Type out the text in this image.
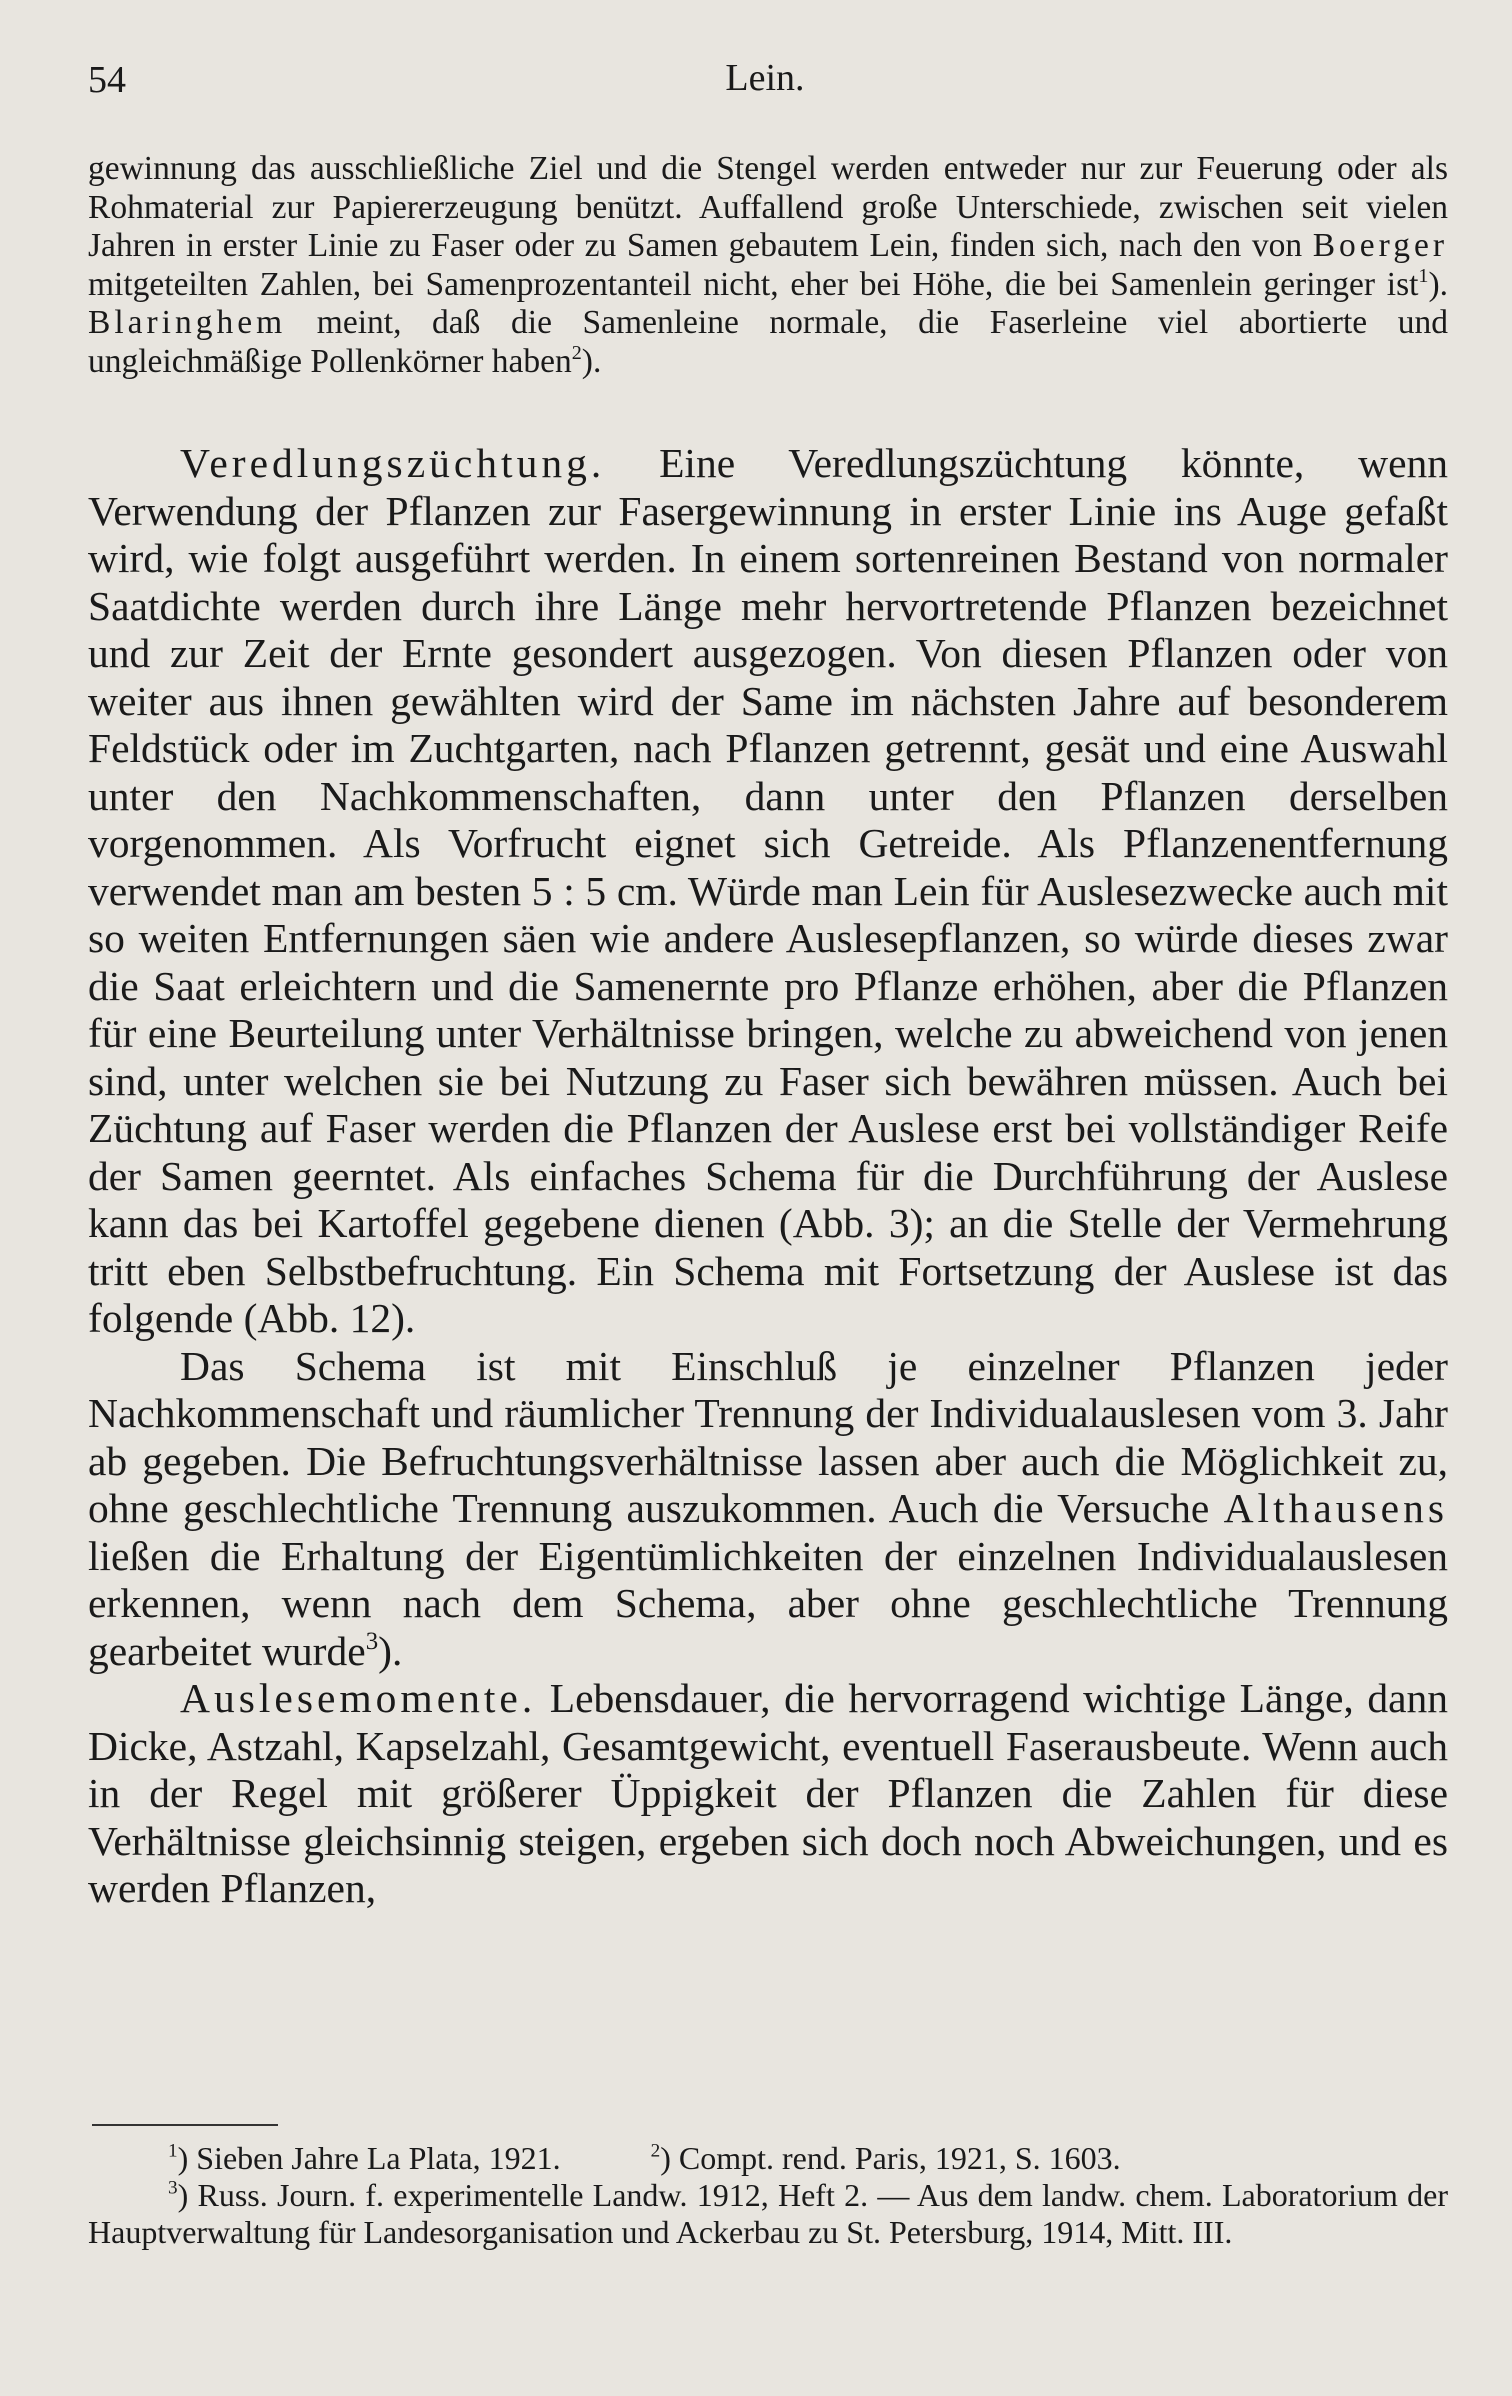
54	Lein.

gewinnung das ausschließliche Ziel und die Stengel werden entweder nur zur Feuerung oder als Rohmaterial zur Papiererzeugung benützt. Auffallend große Unterschiede, zwischen seit vielen Jahren in erster Linie zu Faser oder zu Samen gebautem Lein, finden sich, nach den von Boerger mitgeteilten Zahlen, bei Samenprozentanteil nicht, eher bei Höhe, die bei Samenlein geringer ist$^1$). Blaringhem meint, daß die Samenleine normale, die Faserleine viel abortierte und ungleichmäßige Pollenkörner haben$^2$).

Veredlungszüchtung. Eine Veredlungszüchtung könnte, wenn Verwendung der Pflanzen zur Fasergewinnung in erster Linie ins Auge gefaßt wird, wie folgt ausgeführt werden. In einem sortenreinen Bestand von normaler Saatdichte werden durch ihre Länge mehr hervortretende Pflanzen bezeichnet und zur Zeit der Ernte gesondert ausgezogen. Von diesen Pflanzen oder von weiter aus ihnen gewählten wird der Same im nächsten Jahre auf besonderem Feldstück oder im Zuchtgarten, nach Pflanzen getrennt, gesät und eine Auswahl unter den Nachkommenschaften, dann unter den Pflanzen derselben vorgenommen. Als Vorfrucht eignet sich Getreide. Als Pflanzenentfernung verwendet man am besten 5 : 5 cm. Würde man Lein für Auslesezwecke auch mit so weiten Entfernungen säen wie andere Auslesepflanzen, so würde dieses zwar die Saat erleichtern und die Samenernte pro Pflanze erhöhen, aber die Pflanzen für eine Beurteilung unter Verhältnisse bringen, welche zu abweichend von jenen sind, unter welchen sie bei Nutzung zu Faser sich bewähren müssen. Auch bei Züchtung auf Faser werden die Pflanzen der Auslese erst bei vollständiger Reife der Samen geerntet. Als einfaches Schema für die Durchführung der Auslese kann das bei Kartoffel gegebene dienen (Abb. 3); an die Stelle der Vermehrung tritt eben Selbstbefruchtung. Ein Schema mit Fortsetzung der Auslese ist das folgende (Abb. 12).

Das Schema ist mit Einschluß je einzelner Pflanzen jeder Nachkommenschaft und räumlicher Trennung der Individualauslesen vom 3. Jahr ab gegeben. Die Befruchtungsverhältnisse lassen aber auch die Möglichkeit zu, ohne geschlechtliche Trennung auszukommen. Auch die Versuche Althausens ließen die Erhaltung der Eigentümlichkeiten der einzelnen Individualauslesen erkennen, wenn nach dem Schema, aber ohne geschlechtliche Trennung gearbeitet wurde$^3$).

Auslesemomente. Lebensdauer, die hervorragend wichtige Länge, dann Dicke, Astzahl, Kapselzahl, Gesamtgewicht, eventuell Faserausbeute. Wenn auch in der Regel mit größerer Üppigkeit der Pflanzen die Zahlen für diese Verhältnisse gleichsinnig steigen, ergeben sich doch noch Abweichungen, und es werden Pflanzen,

$^1$) Sieben Jahre La Plata, 1921.	$^2$) Compt. rend. Paris, 1921, S. 1603.

$^3$) Russ. Journ. f. experimentelle Landw. 1912, Heft 2. — Aus dem landw. chem. Laboratorium der Hauptverwaltung für Landesorganisation und Ackerbau zu St. Petersburg, 1914, Mitt. III.
